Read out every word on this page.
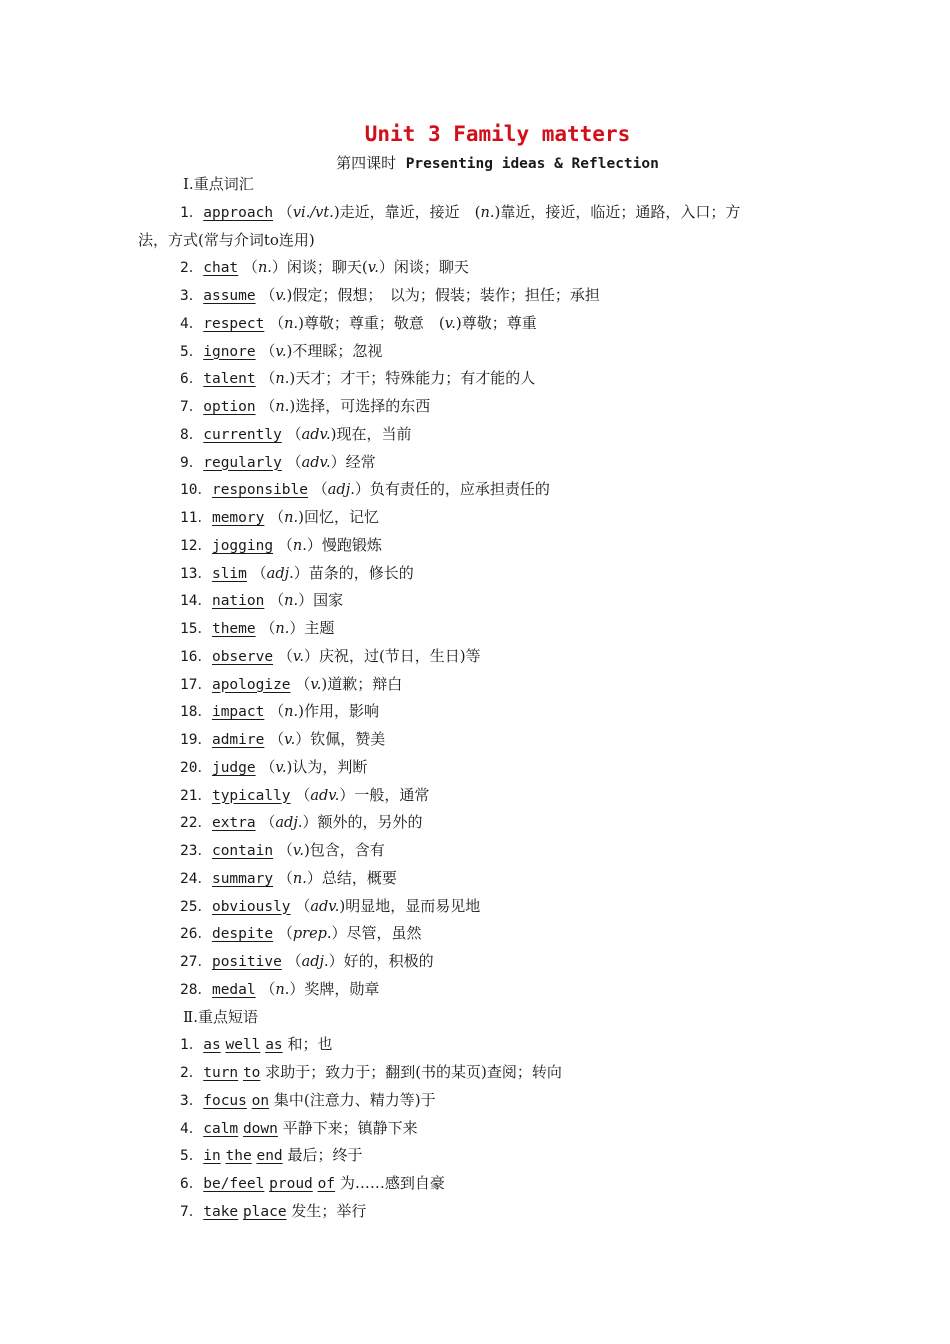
Unit 3 Family matters
第四课时 Presenting ideas & Reflection
Ⅰ.重点词汇
1．approach （vi./vt.)走近，靠近，接近　(n.)靠近，接近，临近；通路，入口；方
法，方式(常与介词to连用)
2．chat （n.）闲谈；聊天(v.）闲谈；聊天
3．assume （v.)假定；假想；　以为；假装；装作；担任；承担
4．respect （n.)尊敬；尊重；敬意　(v.)尊敬；尊重
5．ignore （v.)不理睬；忽视
6．talent （n.)天才；才干；特殊能力；有才能的人
7．option （n.)选择，可选择的东西
8．currently （adv.)现在，当前
9．regularly （adv.）经常
10．responsible （adj.）负有责任的，应承担责任的
11．memory （n.)回忆，记忆
12．jogging （n.）慢跑锻炼
13．slim （adj.）苗条的，修长的
14．nation （n.）国家
15．theme （n.）主题
16．observe （v.）庆祝，过(节日，生日)等
17．apologize （v.)道歉；辩白
18．impact （n.)作用，影响
19．admire （v.）钦佩，赞美
20．judge （v.)认为，判断
21．typically （adv.）一般，通常
22．extra （adj.）额外的，另外的
23．contain （v.)包含，含有
24．summary （n.）总结，概要
25．obviously （adv.)明显地，显而易见地
26．despite （prep.）尽管，虽然
27．positive （adj.）好的，积极的
28．medal （n.）奖牌，勋章
Ⅱ.重点短语
1．as well as 和；也
2．turn to 求助于；致力于；翻到(书的某页)查阅；转向
3．focus on 集中(注意力、精力等)于
4．calm down 平静下来；镇静下来
5．in the end 最后；终于
6．be/feel proud of 为……感到自豪
7．take place 发生；举行
